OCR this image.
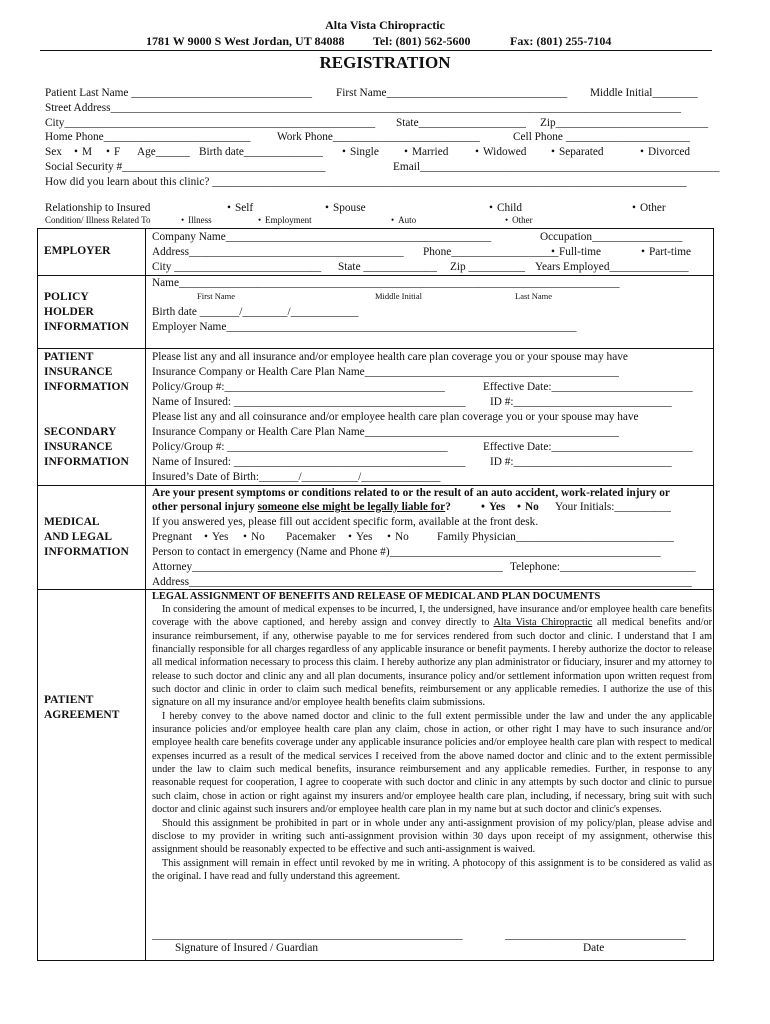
Alta Vista Chiropractic
1781 W 9000 S West Jordan, UT 84088 Tel: (801) 562-5600	Fax: (801) 255-7104
REGISTRATION
Patient Last Name ________________________________ First Name________________________________ Middle Initial________
Street Address_____________________________________________________________________________________________________
City_______________________________________________________ State___________________ Zip___________________________
Home Phone__________________________ Work Phone__________________________	Cell Phone ______________________
Sex	• M	• F Age______ Birth date______________	• Single	• Married	• Widowed	• Separated	• Divorced
Social Security #____________________________________	Email_____________________________________________________
How did you learn about this clinic? ____________________________________________________________________________________
Relationship to Insured	• Self	• Spouse	• Child	• Other
Condition/ Illness Related To	• Illness	• Employment	• Auto	• Other
EMPLOYER
Company Name_______________________________________________	Occupation________________
Address______________________________________ Phone___________________ • Full-time	• Part-time
City __________________________ State _____________ Zip __________ Years Employed______________
POLICY
HOLDER
INFORMATION
Name______________________________________________________________________________
First Name	Middle Initial	Last Name
Birth date _______/________/____________
Employer Name______________________________________________________________
PATIENT
INSURANCE
INFORMATION
Please list any and all insurance and/or employee health care plan coverage you or your spouse may have
Insurance Company or Health Care Plan Name_____________________________________________
Policy/Group #:_______________________________________	Effective Date:_________________________
Name of Insured: _________________________________________ ID #:____________________________
SECONDARY
INSURANCE
INFORMATION
Please list any and all coinsurance and/or employee health care plan coverage you or your spouse may have
Insurance Company or Health Care Plan Name_____________________________________________
Policy/Group #: _______________________________________	Effective Date:_________________________
Name of Insured: _________________________________________ ID #:____________________________
Insured’s Date of Birth:_______/__________/______________
MEDICAL
AND LEGAL
INFORMATION
Are your present symptoms or conditions related to or the result of an auto accident, work-related injury or
other personal injury someone else might be legally liable for?	• Yes	• No Your Initials:__________
If you answered yes, please fill out accident specific form, available at the front desk.
Pregnant	• Yes	• No Pacemaker	• Yes	• No Family Physician____________________________
Person to contact in emergency (Name and Phone #)________________________________________________
Attorney_______________________________________________________ Telephone:________________________
Address_________________________________________________________________________________________
PATIENT
AGREEMENT
LEGAL ASSIGNMENT OF BENEFITS AND RELEASE OF MEDICAL AND PLAN DOCUMENTS

In considering the amount of medical expenses to be incurred, I, the undersigned, have insurance and/or employee health care benefits coverage with the above captioned, and hereby assign and convey directly to Alta Vista Chiropractic all medical benefits and/or insurance reimbursement, if any, otherwise payable to me for services rendered from such doctor and clinic. I understand that I am financially responsible for all charges regardless of any applicable insurance or benefit payments. I hereby authorize the doctor to release all medical information necessary to process this claim. I hereby authorize any plan administrator or fiduciary, insurer and my attorney to release to such doctor and clinic any and all plan documents, insurance policy and/or settlement information upon written request from such doctor and clinic in order to claim such medical benefits, reimbursement or any applicable remedies. I authorize the use of this signature on all my insurance and/or employee health benefits claim submissions.

I hereby convey to the above named doctor and clinic to the full extent permissible under the law and under the any applicable insurance policies and/or employee health care plan any claim, chose in action, or other right I may have to such insurance and/or employee health care benefits coverage under any applicable insurance policies and/or employee health care plan with respect to medical expenses incurred as a result of the medical services I received from the above named doctor and clinic and to the extent permissible under the law to claim such medical benefits, insurance reimbursement and any applicable remedies. Further, in response to any reasonable request for cooperation, I agree to cooperate with such doctor and clinic in any attempts by such doctor and clinic to pursue such claim, chose in action or right against my insurers and/or employee health care plan, including, if necessary, bring suit with such doctor and clinic against such insurers and/or employee health care plan in my name but at such doctor and clinic's expenses.

Should this assignment be prohibited in part or in whole under any anti-assignment provision of my policy/plan, please advise and disclose to my provider in writing such anti-assignment provision within 30 days upon receipt of my assignment, otherwise this assignment should be reasonably expected to be effective and such anti-assignment is waived.

This assignment will remain in effect until revoked by me in writing. A photocopy of this assignment is to be considered as valid as the original. I have read and fully understand this agreement.

_______________________________________________________	________________________________
Signature of Insured / Guardian	Date
